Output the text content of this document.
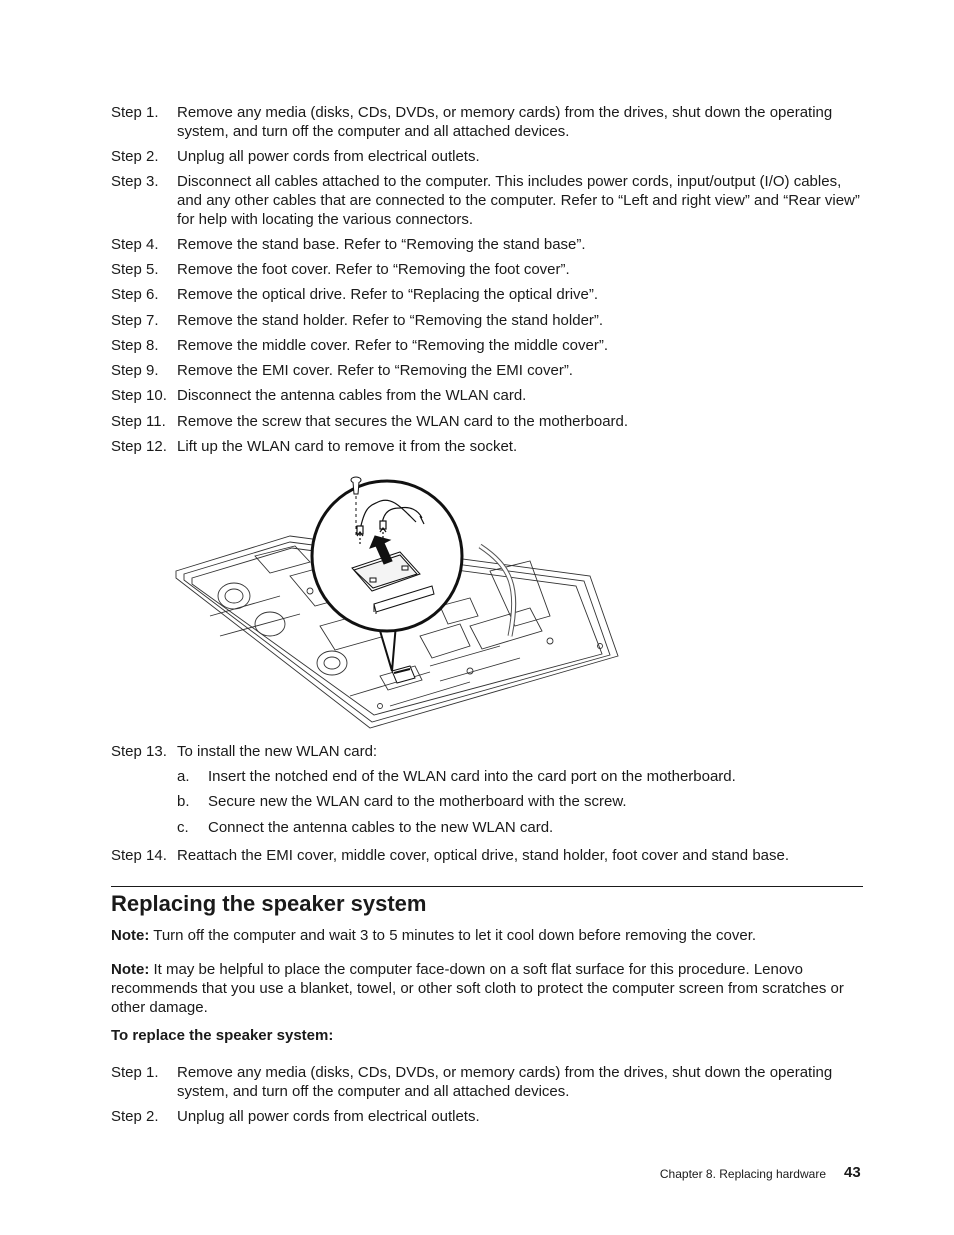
Step 1. Remove any media (disks, CDs, DVDs, or memory cards) from the drives, shut down the operating system, and turn off the computer and all attached devices.
Step 2. Unplug all power cords from electrical outlets.
Step 3. Disconnect all cables attached to the computer. This includes power cords, input/output (I/O) cables, and any other cables that are connected to the computer. Refer to “Left and right view” and “Rear view” for help with locating the various connectors.
Step 4. Remove the stand base. Refer to “Removing the stand base”.
Step 5. Remove the foot cover. Refer to “Removing the foot cover”.
Step 6. Remove the optical drive. Refer to “Replacing the optical drive”.
Step 7. Remove the stand holder. Refer to “Removing the stand holder”.
Step 8. Remove the middle cover. Refer to “Removing the middle cover”.
Step 9. Remove the EMI cover. Refer to “Removing the EMI cover”.
Step 10. Disconnect the antenna cables from the WLAN card.
Step 11. Remove the screw that secures the WLAN card to the motherboard.
Step 12. Lift up the WLAN card to remove it from the socket.
Step 13. To install the new WLAN card:
a. Insert the notched end of the WLAN card into the card port on the motherboard.
b. Secure new the WLAN card to the motherboard with the screw.
c. Connect the antenna cables to the new WLAN card.
Step 14. Reattach the EMI cover, middle cover, optical drive, stand holder, foot cover and stand base.
Replacing the speaker system
Note: Turn off the computer and wait 3 to 5 minutes to let it cool down before removing the cover.
Note: It may be helpful to place the computer face-down on a soft flat surface for this procedure. Lenovo recommends that you use a blanket, towel, or other soft cloth to protect the computer screen from scratches or other damage.
To replace the speaker system:
Step 1. Remove any media (disks, CDs, DVDs, or memory cards) from the drives, shut down the operating system, and turn off the computer and all attached devices.
Step 2. Unplug all power cords from electrical outlets.
Chapter 8. Replacing hardware 43
